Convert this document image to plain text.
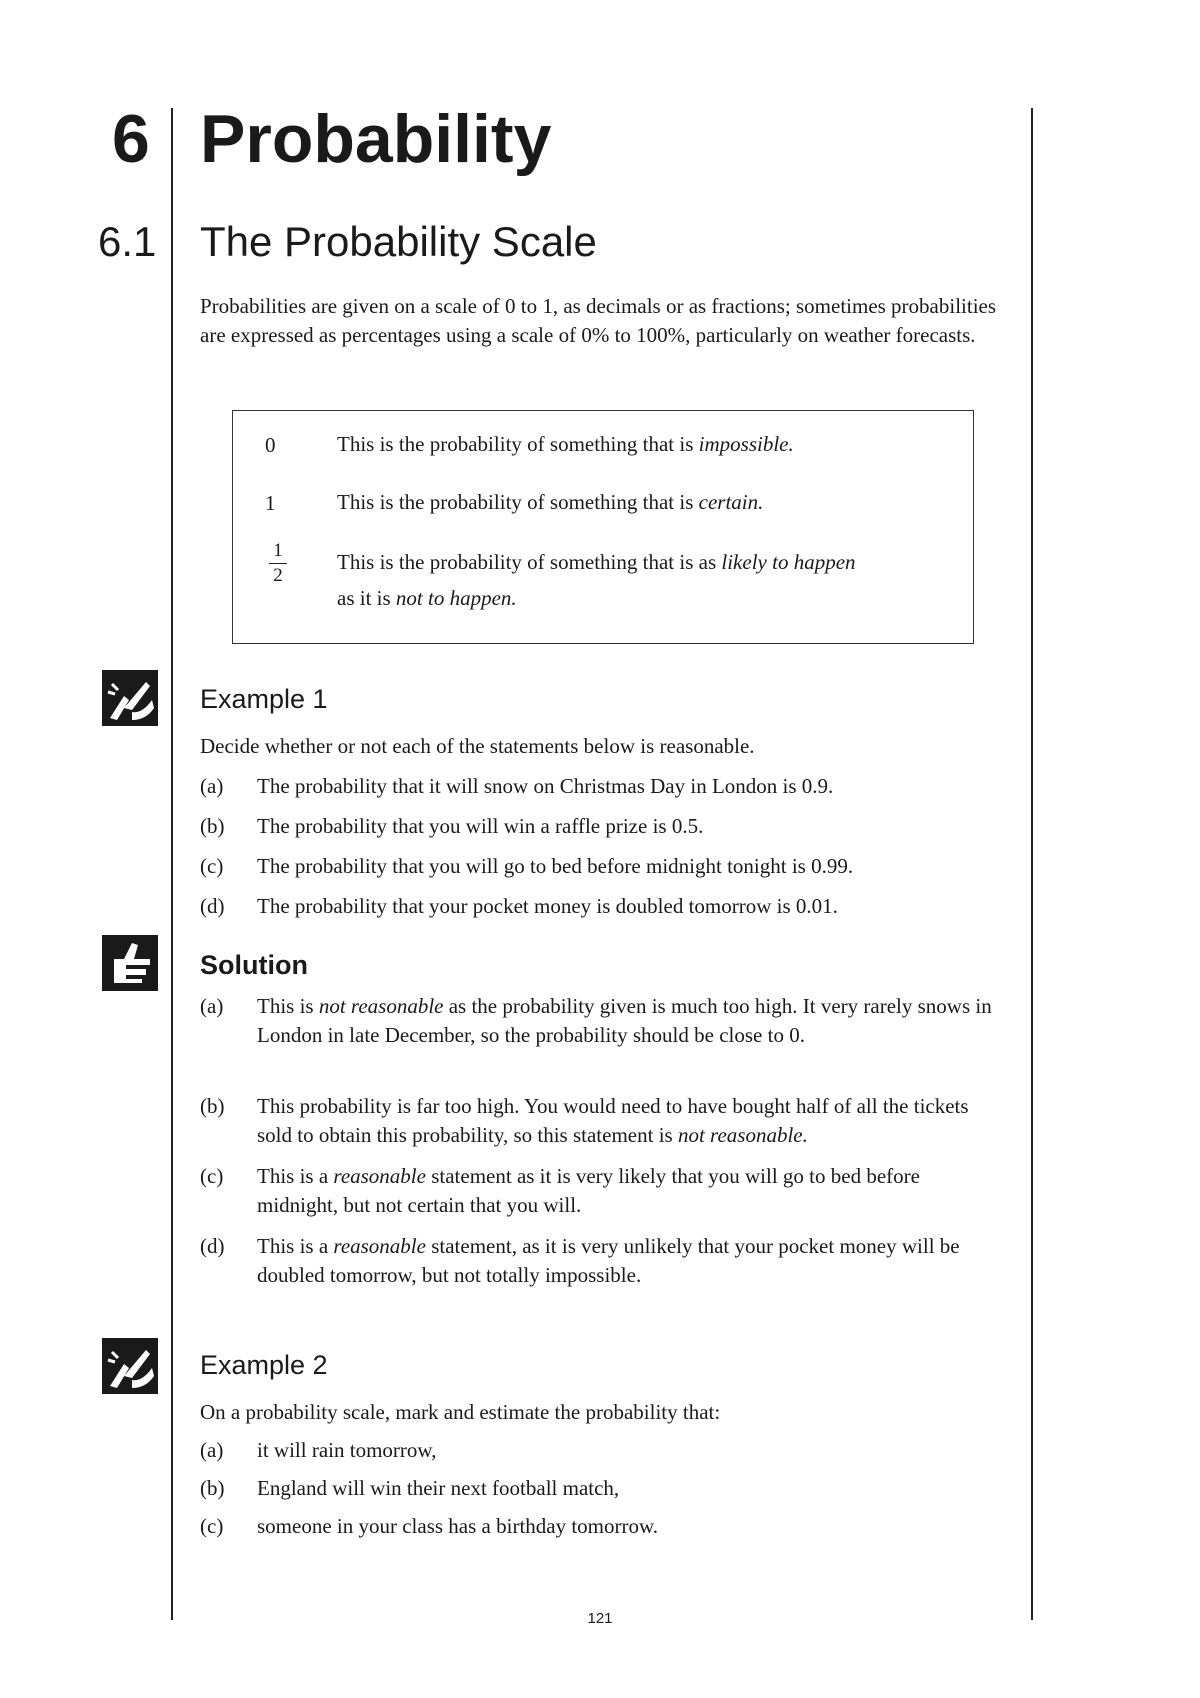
6 Probability
6.1 The Probability Scale
Probabilities are given on a scale of 0 to 1, as decimals or as fractions; sometimes probabilities are expressed as percentages using a scale of 0% to 100%, particularly on weather forecasts.
0	This is the probability of something that is impossible.
1	This is the probability of something that is certain.
1
2
This is the probability of something that is as likely to happen
as it is not to happen.
Example 1
Decide whether or not each of the statements below is reasonable.
(a) The probability that it will snow on Christmas Day in London is 0.9.
(b) The probability that you will win a raffle prize is 0.5.
(c) The probability that you will go to bed before midnight tonight is 0.99.
(d) The probability that your pocket money is doubled tomorrow is 0.01.
Solution
(a) This is not reasonable as the probability given is much too high. It very rarely snows in London in late December, so the probability should be close to 0.
(b) This probability is far too high. You would need to have bought half of all the tickets sold to obtain this probability, so this statement is not reasonable.
(c) This is a reasonable statement as it is very likely that you will go to bed before midnight, but not certain that you will.
(d) This is a reasonable statement, as it is very unlikely that your pocket money will be doubled tomorrow, but not totally impossible.
Example 2
On a probability scale, mark and estimate the probability that:
(a) it will rain tomorrow,
(b) England will win their next football match,
(c) someone in your class has a birthday tomorrow.
121
